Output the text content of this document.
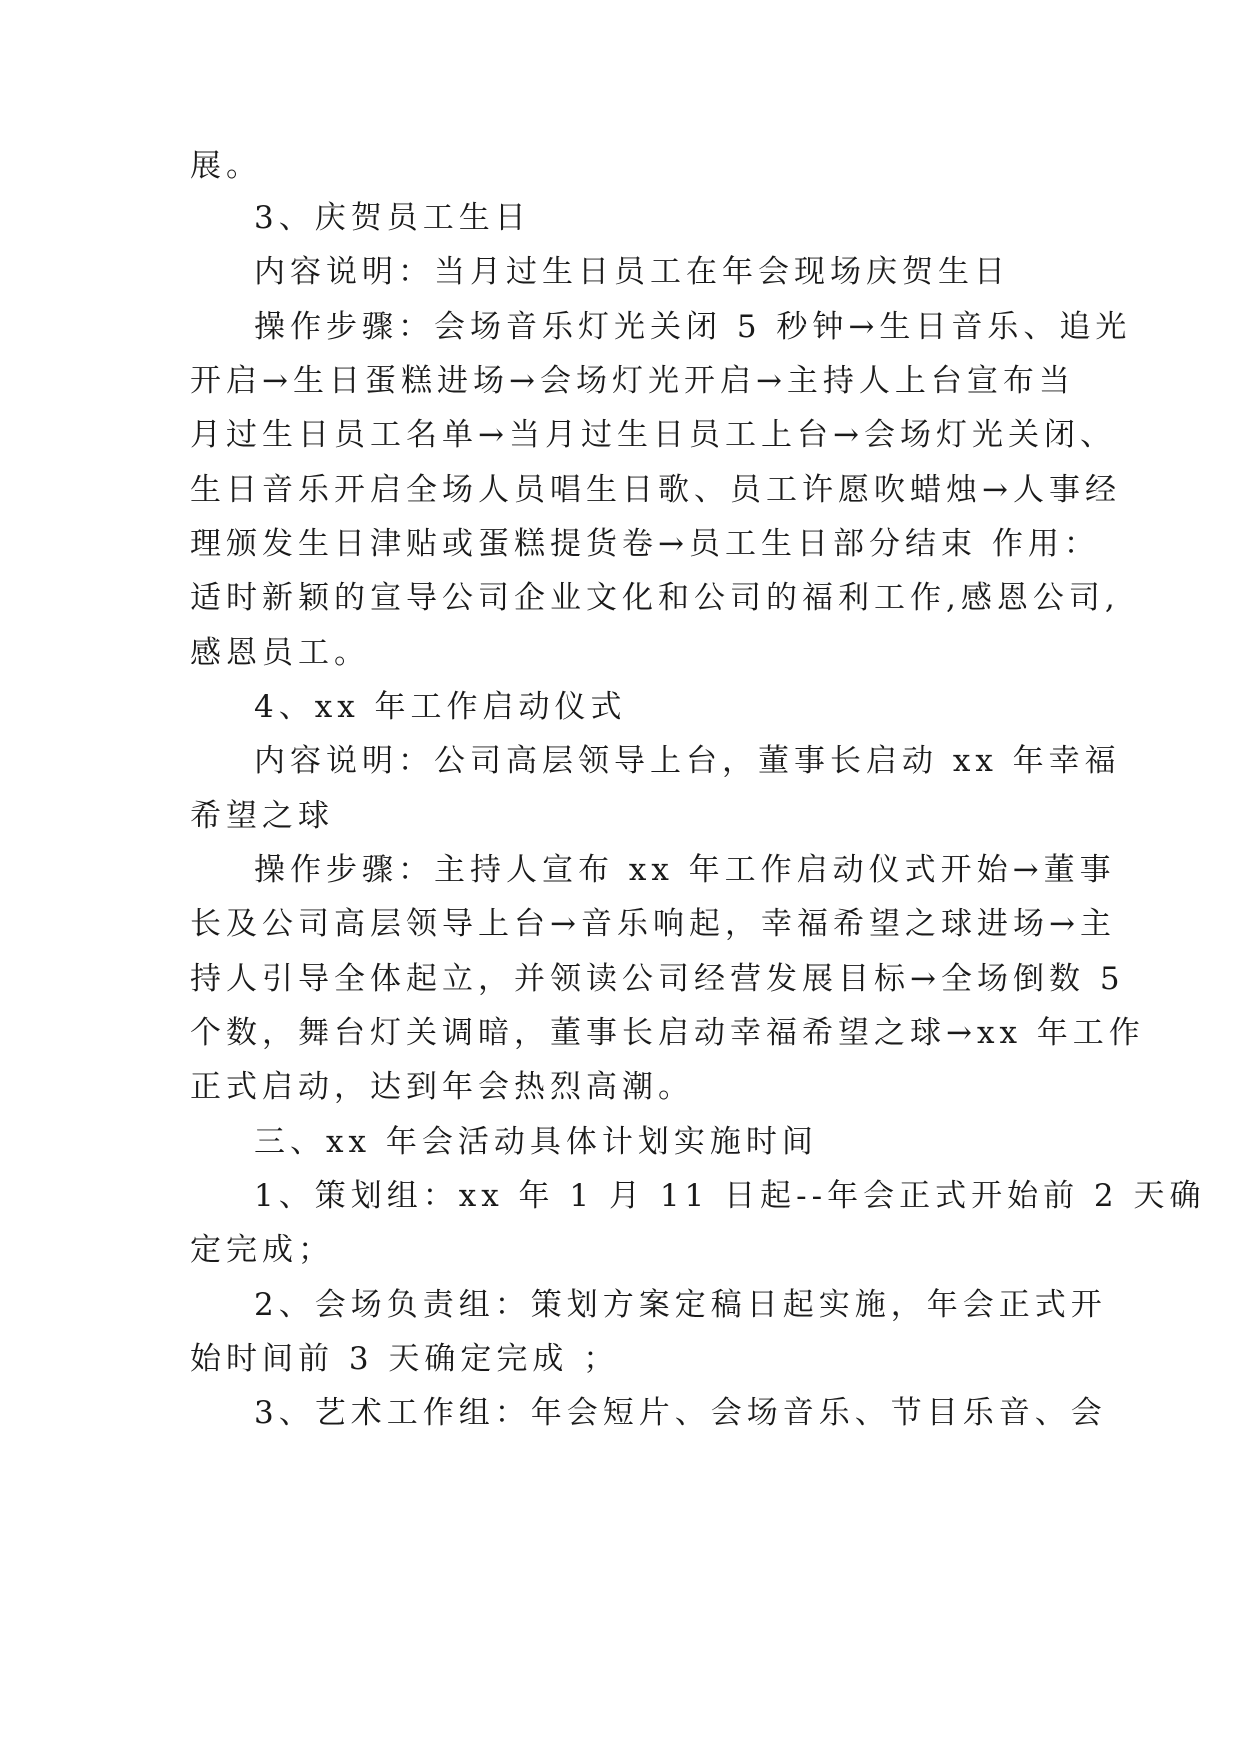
展。
3、庆贺员工生日
内容说明：当月过生日员工在年会现场庆贺生日
操作步骤：会场音乐灯光关闭 5 秒钟→生日音乐、追光
开启→生日蛋糕进场→会场灯光开启→主持人上台宣布当
月过生日员工名单→当月过生日员工上台→会场灯光关闭、
生日音乐开启全场人员唱生日歌、员工许愿吹蜡烛→人事经
理颁发生日津贴或蛋糕提货卷→员工生日部分结束 作用：
适时新颖的宣导公司企业文化和公司的福利工作,感恩公司,
感恩员工。
4、xx 年工作启动仪式
内容说明：公司高层领导上台，董事长启动 xx 年幸福
希望之球
操作步骤：主持人宣布 xx 年工作启动仪式开始→董事
长及公司高层领导上台→音乐响起，幸福希望之球进场→主
持人引导全体起立，并领读公司经营发展目标→全场倒数 5
个数，舞台灯关调暗，董事长启动幸福希望之球→xx 年工作
正式启动，达到年会热烈高潮。
三、xx 年会活动具体计划实施时间
1、策划组：xx 年 1 月 11 日起--年会正式开始前 2 天确
定完成；
2、会场负责组：策划方案定稿日起实施，年会正式开
始时间前 3 天确定完成 ；
3、艺术工作组：年会短片、会场音乐、节目乐音、会
